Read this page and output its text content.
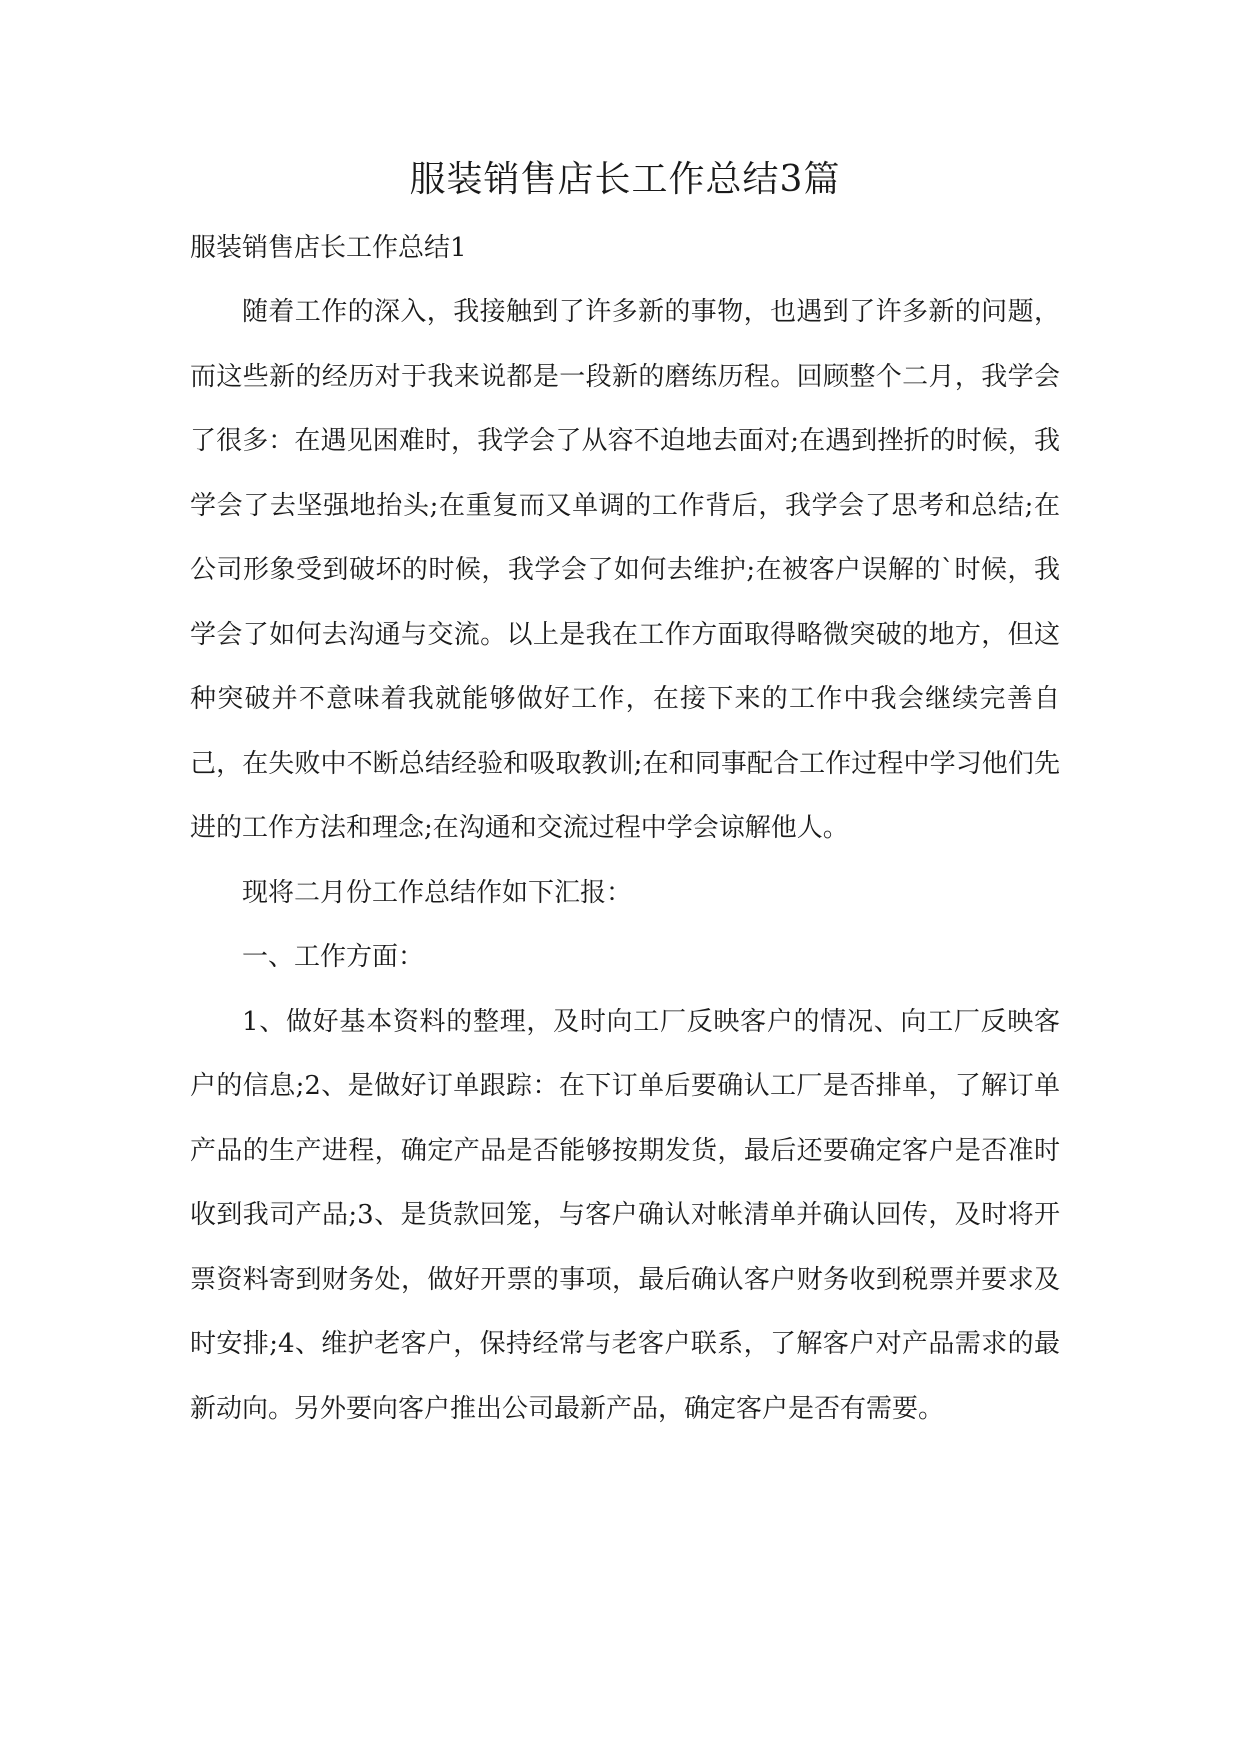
服装销售店长工作总结3篇

服装销售店长工作总结1

随着工作的深入，我接触到了许多新的事物，也遇到了许多新的问题，而这些新的经历对于我来说都是一段新的磨练历程。回顾整个二月，我学会了很多：在遇见困难时，我学会了从容不迫地去面对;在遇到挫折的时候，我学会了去坚强地抬头;在重复而又单调的工作背后，我学会了思考和总结;在公司形象受到破坏的时候，我学会了如何去维护;在被客户误解的`时候，我学会了如何去沟通与交流。以上是我在工作方面取得略微突破的地方，但这种突破并不意味着我就能够做好工作，在接下来的工作中我会继续完善自己，在失败中不断总结经验和吸取教训;在和同事配合工作过程中学习他们先进的工作方法和理念;在沟通和交流过程中学会谅解他人。

现将二月份工作总结作如下汇报：

一、工作方面：

1、做好基本资料的整理，及时向工厂反映客户的情况、向工厂反映客户的信息;2、是做好订单跟踪：在下订单后要确认工厂是否排单，了解订单产品的生产进程，确定产品是否能够按期发货，最后还要确定客户是否准时收到我司产品;3、是货款回笼，与客户确认对帐清单并确认回传，及时将开票资料寄到财务处，做好开票的事项，最后确认客户财务收到税票并要求及时安排;4、维护老客户，保持经常与老客户联系，了解客户对产品需求的最新动向。另外要向客户推出公司最新产品，确定客户是否有需要。
